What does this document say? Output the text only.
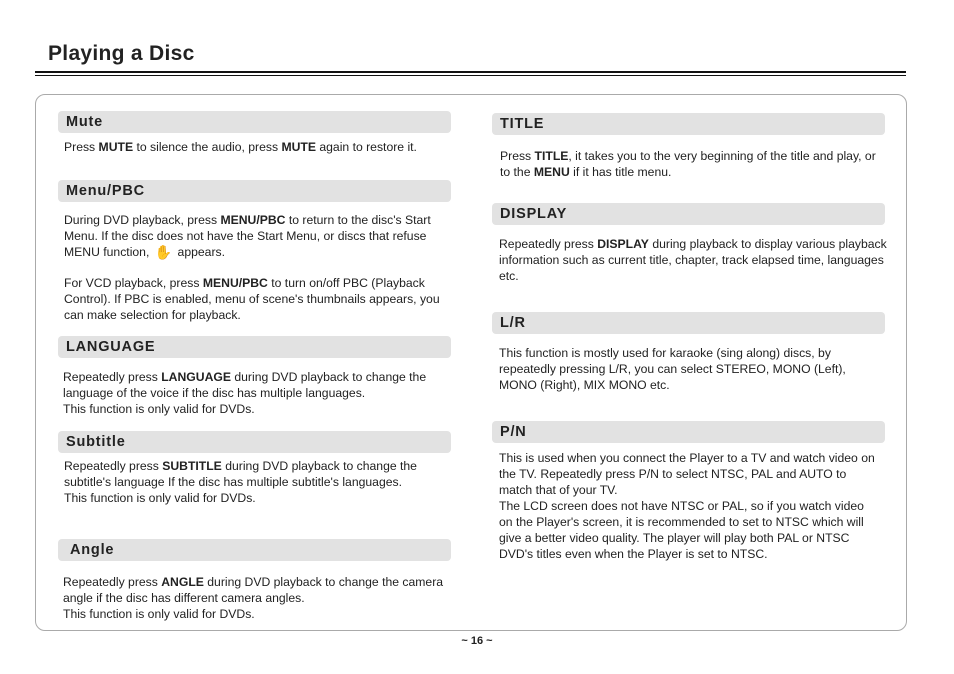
Playing a Disc
Mute

Press MUTE to silence the audio, press MUTE again to restore it.

Menu/PBC

During DVD playback, press MENU/PBC to return to the disc's Start Menu. If the disc does not have the Start Menu, or discs that refuse MENU function, ✋ appears.

For VCD playback, press MENU/PBC to turn on/off PBC (Playback Control). If PBC is enabled, menu of scene's thumbnails appears, you can make selection for playback.

LANGUAGE

Repeatedly press LANGUAGE during DVD playback to change the language of the voice if the disc has multiple languages.

This function is only valid for DVDs.

Subtitle

Repeatedly press SUBTITLE during DVD playback to change the subtitle's language If the disc has multiple subtitle's languages.

This function is only valid for DVDs.

Angle

Repeatedly press ANGLE during DVD playback to change the camera angle if the disc has different camera angles.

This function is only valid for DVDs.

TITLE

Press TITLE, it takes you to the very beginning of the title and play, or to the MENU if it has title menu.

DISPLAY

Repeatedly press DISPLAY during playback to display various playback information such as current title, chapter, track elapsed time, languages etc.

L/R

This function is mostly used for karaoke (sing along) discs, by repeatedly pressing L/R, you can select STEREO, MONO (Left), MONO (Right), MIX MONO etc.

P/N

This is used when you connect the Player to a TV and watch video on the TV. Repeatedly press P/N to select NTSC, PAL and AUTO to match that of your TV.

The LCD screen does not have NTSC or PAL, so if you watch video on the Player's screen, it is recommended to set to NTSC which will give a better video quality. The player will play both PAL or NTSC DVD's titles even when the Player is set to NTSC.

~ 16 ~
